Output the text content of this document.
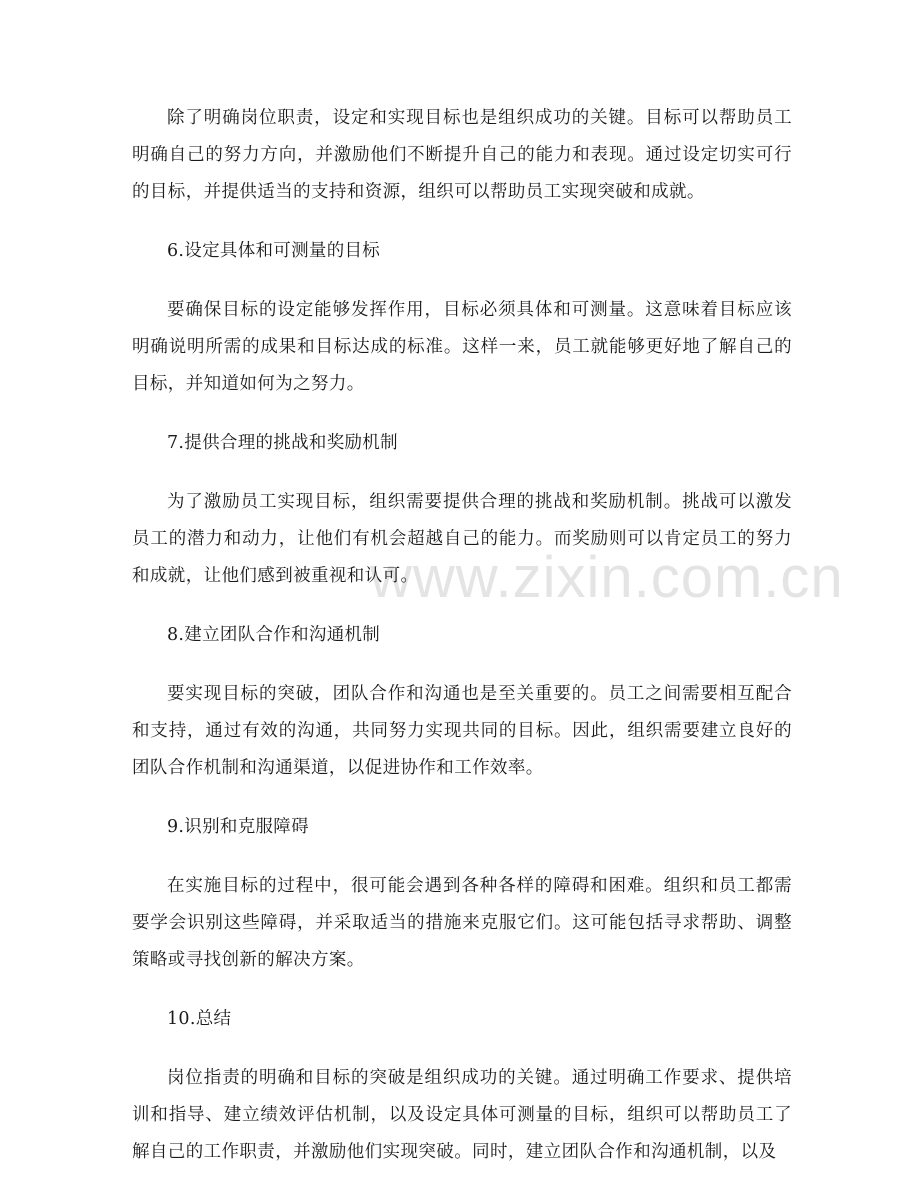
www.zixin.com.cn

除了明确岗位职责，设定和实现目标也是组织成功的关键。目标可以帮助员工明确自己的努力方向，并激励他们不断提升自己的能力和表现。通过设定切实可行的目标，并提供适当的支持和资源，组织可以帮助员工实现突破和成就。

6.设定具体和可测量的目标

要确保目标的设定能够发挥作用，目标必须具体和可测量。这意味着目标应该明确说明所需的成果和目标达成的标准。这样一来，员工就能够更好地了解自己的目标，并知道如何为之努力。

7.提供合理的挑战和奖励机制

为了激励员工实现目标，组织需要提供合理的挑战和奖励机制。挑战可以激发员工的潜力和动力，让他们有机会超越自己的能力。而奖励则可以肯定员工的努力和成就，让他们感到被重视和认可。

8.建立团队合作和沟通机制

要实现目标的突破，团队合作和沟通也是至关重要的。员工之间需要相互配合和支持，通过有效的沟通，共同努力实现共同的目标。因此，组织需要建立良好的团队合作机制和沟通渠道，以促进协作和工作效率。

9.识别和克服障碍

在实施目标的过程中，很可能会遇到各种各样的障碍和困难。组织和员工都需要学会识别这些障碍，并采取适当的措施来克服它们。这可能包括寻求帮助、调整策略或寻找创新的解决方案。

10.总结

岗位指责的明确和目标的突破是组织成功的关键。通过明确工作要求、提供培训和指导、建立绩效评估机制，以及设定具体可测量的目标，组织可以帮助员工了解自己的工作职责，并激励他们实现突破。同时，建立团队合作和沟通机制，以及
